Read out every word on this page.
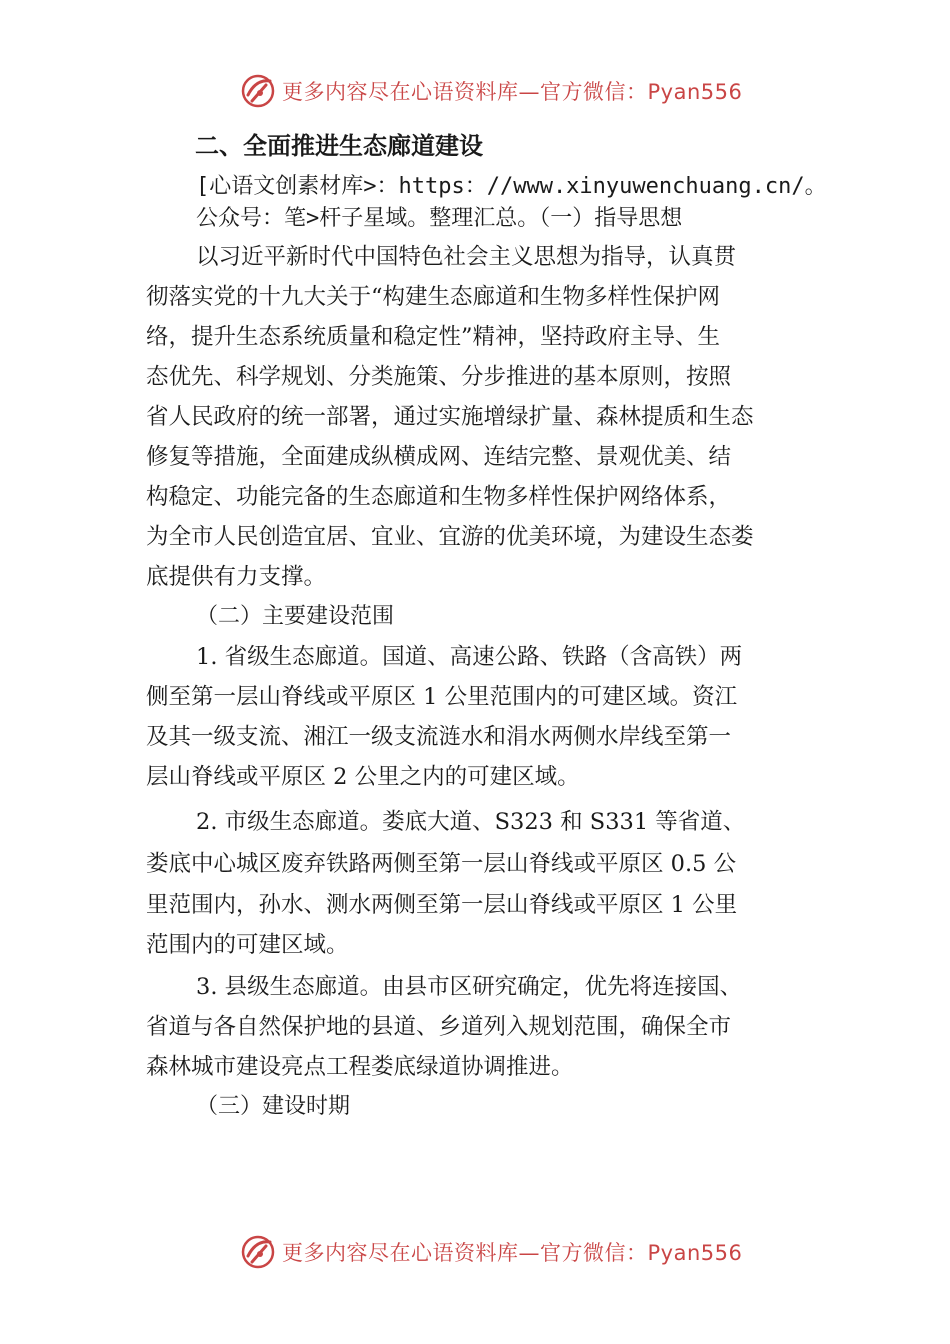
更多内容尽在心语资料库—官方微信：Pyan556
二、全面推进生态廊道建设
[心语文创素材库>：https：//www.xinyuwenchuang.cn/。
公众号：笔>杆子星域。整理汇总。（一）指导思想
以习近平新时代中国特色社会主义思想为指导，认真贯
彻落实党的十九大关于“构建生态廊道和生物多样性保护网
络，提升生态系统质量和稳定性”精神，坚持政府主导、生
态优先、科学规划、分类施策、分步推进的基本原则，按照
省人民政府的统一部署，通过实施增绿扩量、森林提质和生态
修复等措施，全面建成纵横成网、连结完整、景观优美、结
构稳定、功能完备的生态廊道和生物多样性保护网络体系，
为全市人民创造宜居、宜业、宜游的优美环境，为建设生态娄
底提供有力支撑。
（二）主要建设范围
1. 省级生态廊道。国道、高速公路、铁路（含高铁）两
侧至第一层山脊线或平原区 1 公里范围内的可建区域。资江
及其一级支流、湘江一级支流涟水和涓水两侧水岸线至第一
层山脊线或平原区 2 公里之内的可建区域。
2. 市级生态廊道。娄底大道、S323 和 S331 等省道、
娄底中心城区废弃铁路两侧至第一层山脊线或平原区 0.5 公
里范围内，孙水、测水两侧至第一层山脊线或平原区 1 公里
范围内的可建区域。
3. 县级生态廊道。由县市区研究确定，优先将连接国、
省道与各自然保护地的县道、乡道列入规划范围，确保全市
森林城市建设亮点工程娄底绿道协调推进。
（三）建设时期
更多内容尽在心语资料库—官方微信：Pyan556
